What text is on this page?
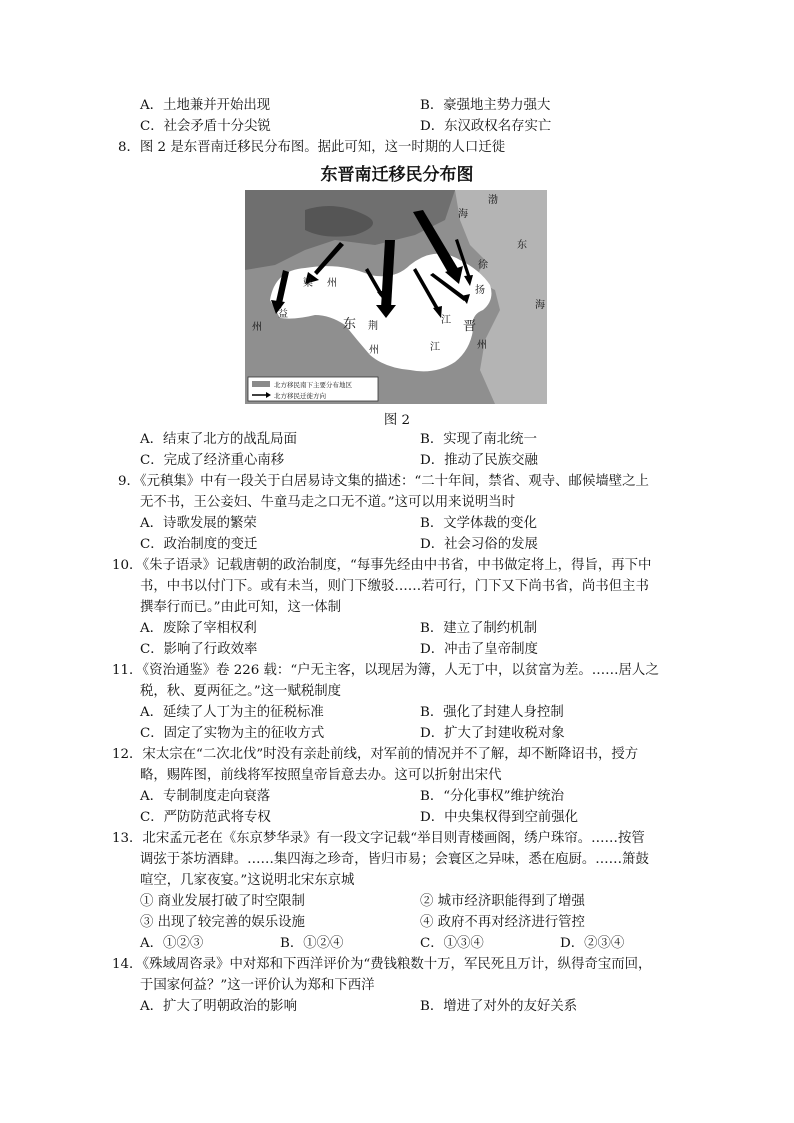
A．土地兼并开始出现	B．豪强地主势力强大
C．社会矛盾十分尖锐	D．东汉政权名存实亡
8．图 2 是东晋南迁移民分布图。据此可知，这一时期的人口迁徙
东晋南迁移民分布图
渤
海
东
海
梁 州
益
州	东 荆
州
徐
扬
江 晋
江	州
北方移民南下主要分布地区
北方移民迁徙方向
图 2
A．结束了北方的战乱局面	B．实现了南北统一
C．完成了经济重心南移	D．推动了民族交融
9．《元稹集》中有一段关于白居易诗文集的描述：“二十年间，禁省、观寺、邮候墙壁之上
无不书，王公妾妇、牛童马走之口无不道。”这可以用来说明当时
A．诗歌发展的繁荣	B．文学体裁的变化
C．政治制度的变迁	D．社会习俗的发展
10．《朱子语录》记载唐朝的政治制度，“每事先经由中书省，中书做定将上，得旨，再下中
书，中书以付门下。或有未当，则门下缴驳……若可行，门下又下尚书省，尚书但主书
撰奉行而已。”由此可知，这一体制
A．废除了宰相权利	B．建立了制约机制
C．影响了行政效率	D．冲击了皇帝制度
11．《资治通鉴》卷 226 载：“户无主客，以现居为簿，人无丁中，以贫富为差。……居人之
税，秋、夏两征之。”这一赋税制度
A．延续了人丁为主的征税标准	B．强化了封建人身控制
C．固定了实物为主的征收方式	D．扩大了封建收税对象
12．宋太宗在“二次北伐”时没有亲赴前线，对军前的情况并不了解，却不断降诏书，授方
略，赐阵图，前线将军按照皇帝旨意去办。这可以折射出宋代
A．专制制度走向衰落	B．“分化事权”维护统治
C．严防防范武将专权	D．中央集权得到空前强化
13．北宋孟元老在《东京梦华录》有一段文字记载“举目则青楼画阁，绣户珠帘。……按管
调弦于茶坊酒肆。……集四海之珍奇，皆归市易；会寰区之异味，悉在庖厨。……箫鼓
喧空，几家夜宴。”这说明北宋东京城
① 商业发展打破了时空限制	② 城市经济职能得到了增强
③ 出现了较完善的娱乐设施	④ 政府不再对经济进行管控
A．①②③	B．①②④	C．①③④	D．②③④
14．《殊域周咨录》中对郑和下西洋评价为“费钱粮数十万，军民死且万计，纵得奇宝而回，
于国家何益？”这一评价认为郑和下西洋
A．扩大了明朝政治的影响	B．增进了对外的友好关系
